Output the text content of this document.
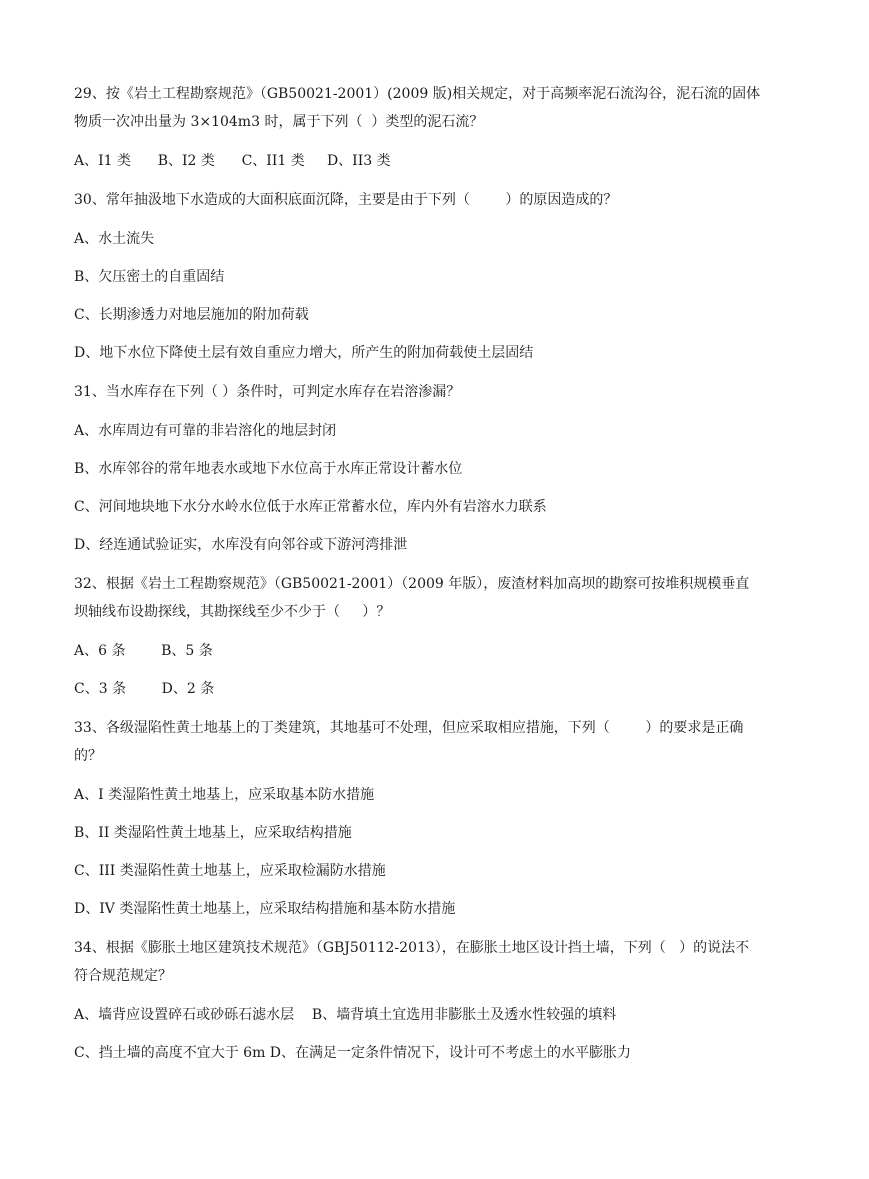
29、按《岩土工程勘察规范》（GB50021-2001）(2009 版)相关规定，对于高频率泥石流沟谷，泥石流的固体

物质一次冲出量为 3×104m3 时，属于下列（  ）类型的泥石流？

A、I1 类      B、I2 类      C、II1 类     D、II3 类

30、常年抽汲地下水造成的大面积底面沉降，主要是由于下列（        ）的原因造成的？

A、水土流失

B、欠压密土的自重固结

C、长期渗透力对地层施加的附加荷载

D、地下水位下降使土层有效自重应力增大，所产生的附加荷载使土层固结

31、当水库存在下列（ ）条件时，可判定水库存在岩溶渗漏？

A、水库周边有可靠的非岩溶化的地层封闭

B、水库邻谷的常年地表水或地下水位高于水库正常设计蓄水位

C、河间地块地下水分水岭水位低于水库正常蓄水位，库内外有岩溶水力联系

D、经连通试验证实，水库没有向邻谷或下游河湾排泄

32、根据《岩土工程勘察规范》（GB50021-2001）（2009 年版），废渣材料加高坝的勘察可按堆积规模垂直

坝轴线布设勘探线，其勘探线至少不少于（     ）？

A、6 条        B、5 条

C、3 条        D、2 条

33、各级湿陷性黄土地基上的丁类建筑，其地基可不处理，但应采取相应措施，下列（        ）的要求是正确

的？

A、I 类湿陷性黄土地基上，应采取基本防水措施

B、II 类湿陷性黄土地基上，应采取结构措施

C、III 类湿陷性黄土地基上，应采取检漏防水措施

D、IV 类湿陷性黄土地基上，应采取结构措施和基本防水措施

34、根据《膨胀土地区建筑技术规范》（GBJ50112-2013），在膨胀土地区设计挡土墙，下列（   ）的说法不

符合规范规定？

A、墙背应设置碎石或砂砾石滤水层    B、墙背填土宜选用非膨胀土及透水性较强的填料

C、挡土墙的高度不宜大于 6m D、在满足一定条件情况下，设计可不考虑土的水平膨胀力
